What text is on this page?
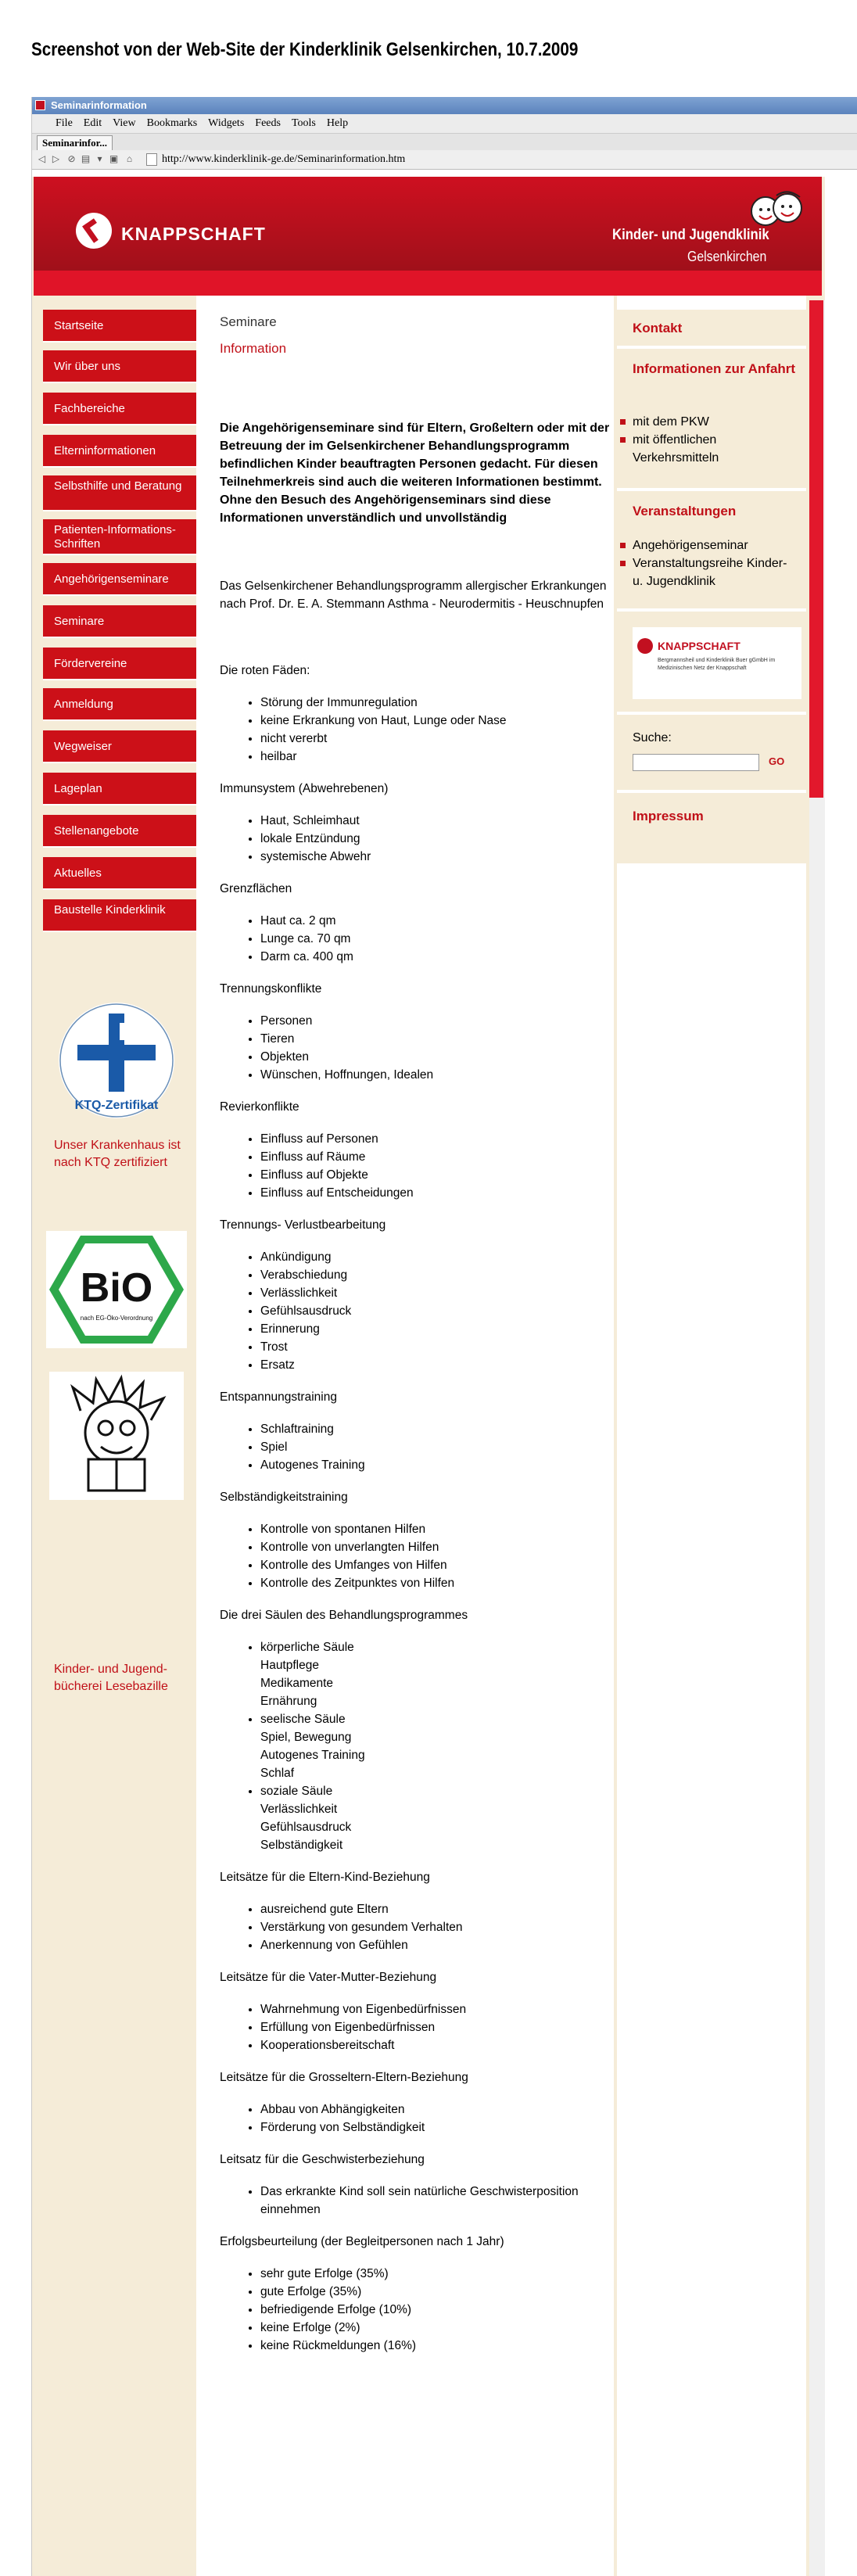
Screenshot von der Web-Site der Kinderklinik Gelsenkirchen, 10.7.2009
Seminarinformation
File Edit View Bookmarks Widgets Feeds Tools Help
Seminarinfor...
◁ ▷ ⊘ ▤ ▾ ▣ ⌂	http://www.kinderklinik-ge.de/Seminarinformation.htm
KNAPPSCHAFT	Kinder- und Jugendklinik
Gelsenkirchen
KTQ-Zertifikat
Unser Krankenhaus ist nach KTQ zertifiziert
BiO
nach EG-Öko-Verordnung
Kinder- und Jugend-bücherei Lesebazille
Startseite
Wir über uns
Fachbereiche
Elterninformationen
Selbsthilfe und Beratung
Patienten-Informations-Schriften
Angehörigenseminare
Seminare
Fördervereine
Anmeldung
Wegweiser
Lageplan
Stellenangebote
Aktuelles
Baustelle Kinderklinik
Seminare
Information
Die Angehörigenseminare sind für Eltern, Großeltern oder mit der Betreuung der im Gelsenkirchener Behandlungsprogramm befindlichen Kinder beauftragten Personen gedacht. Für diesen Teilnehmerkreis sind auch die weiteren Informationen bestimmt. Ohne den Besuch des Angehörigenseminars sind diese Informationen unverständlich und unvollständig
Das Gelsenkirchener Behandlungsprogramm allergischer Erkrankungen nach Prof. Dr. E. A. Stemmann Asthma - Neurodermitis - Heuschnupfen
Die roten Fäden:
• Störung der Immunregulation
• keine Erkrankung von Haut, Lunge oder Nase
• nicht vererbt
• heilbar
Immunsystem (Abwehrebenen)
• Haut, Schleimhaut
• lokale Entzündung
• systemische Abwehr
Grenzflächen
• Haut ca. 2 qm
• Lunge ca. 70 qm
• Darm ca. 400 qm
Trennungskonflikte
• Personen
• Tieren
• Objekten
• Wünschen, Hoffnungen, Idealen
Revierkonflikte
• Einfluss auf Personen
• Einfluss auf Räume
• Einfluss auf Objekte
• Einfluss auf Entscheidungen
Trennungs- Verlustbearbeitung
• Ankündigung
• Verabschiedung
• Verlässlichkeit
• Gefühlsausdruck
• Erinnerung
• Trost
• Ersatz
Entspannungstraining
• Schlaftraining
• Spiel
• Autogenes Training
Selbständigkeitstraining
• Kontrolle von spontanen Hilfen
• Kontrolle von unverlangten Hilfen
• Kontrolle des Umfanges von Hilfen
• Kontrolle des Zeitpunktes von Hilfen
Die drei Säulen des Behandlungsprogrammes
• körperliche Säule
Hautpflege
Medikamente
Ernährung
• seelische Säule
Spiel, Bewegung
Autogenes Training
Schlaf
• soziale Säule
Verlässlichkeit
Gefühlsausdruck
Selbständigkeit
Leitsätze für die Eltern-Kind-Beziehung
• ausreichend gute Eltern
• Verstärkung von gesundem Verhalten
• Anerkennung von Gefühlen
Leitsätze für die Vater-Mutter-Beziehung
• Wahrnehmung von Eigenbedürfnissen
• Erfüllung von Eigenbedürfnissen
• Kooperationsbereitschaft
Leitsätze für die Grosseltern-Eltern-Beziehung
• Abbau von Abhängigkeiten
• Förderung von Selbständigkeit
Leitsatz für die Geschwisterbeziehung
• Das erkrankte Kind soll sein natürliche Geschwisterposition einnehmen
Erfolgsbeurteilung (der Begleitpersonen nach 1 Jahr)
• sehr gute Erfolge (35%)
• gute Erfolge (35%)
• befriedigende Erfolge (10%)
• keine Erfolge (2%)
• keine Rückmeldungen (16%)
Kontakt
Informationen zur Anfahrt
mit dem PKW
mit öffentlichen Verkehrsmitteln
Veranstaltungen
Angehörigenseminar
Veranstaltungsreihe Kinder- u. Jugendklinik
KNAPPSCHAFT
Bergmannsheil und Kinderklinik Buer gGmbH im Medizinischen Netz der Knappschaft
Suche:
GO
Impressum
